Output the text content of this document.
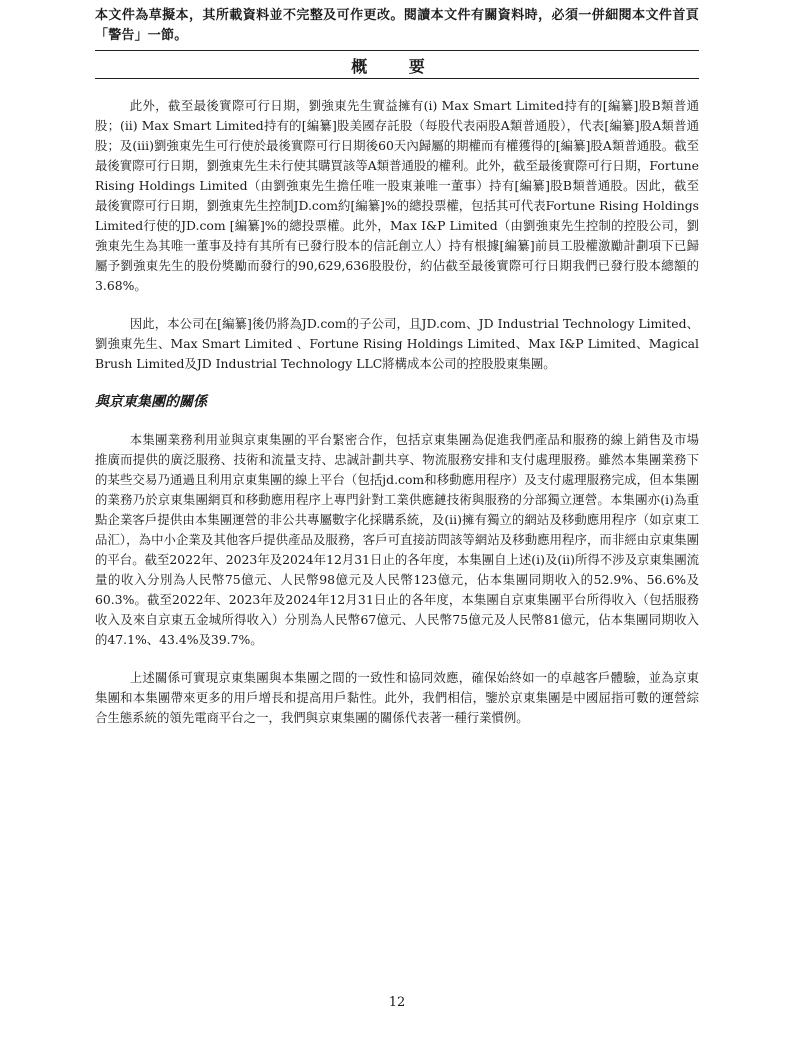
本文件為草擬本，其所載資料並不完整及可作更改。閱讀本文件有關資料時，必須一併細閱本文件首頁「警告」一節。
概 要

此外，截至最後實際可行日期，劉強東先生實益擁有(i) Max Smart Limited持有的[編纂]股B類普通股；(ii) Max Smart Limited持有的[編纂]股美國存託股（每股代表兩股A類普通股），代表[編纂]股A類普通股；及(iii)劉強東先生可行使於最後實際可行日期後60天內歸屬的期權而有權獲得的[編纂]股A類普通股。截至最後實際可行日期，劉強東先生未行使其購買該等A類普通股的權利。此外，截至最後實際可行日期，Fortune Rising Holdings Limited（由劉強東先生擔任唯一股東兼唯一董事）持有[編纂]股B類普通股。因此，截至最後實際可行日期，劉強東先生控制JD.com約[編纂]%的總投票權，包括其可代表Fortune Rising Holdings Limited行使的JD.com [編纂]%的總投票權。此外，Max I&P Limited（由劉強東先生控制的控股公司，劉強東先生為其唯一董事及持有其所有已發行股本的信託創立人）持有根據[編纂]前員工股權激勵計劃項下已歸屬予劉強東先生的股份獎勵而發行的90,629,636股股份，約佔截至最後實際可行日期我們已發行股本總額的3.68%。

因此，本公司在[編纂]後仍將為JD.com的子公司，且JD.com、JD Industrial Technology Limited、劉強東先生、Max Smart Limited 、Fortune Rising Holdings Limited、Max I&P Limited、Magical Brush Limited及JD Industrial Technology LLC將構成本公司的控股股東集團。

與京東集團的關係

本集團業務利用並與京東集團的平台緊密合作，包括京東集團為促進我們產品和服務的線上銷售及市場推廣而提供的廣泛服務、技術和流量支持、忠誠計劃共享、物流服務安排和支付處理服務。雖然本集團業務下的某些交易乃通過且利用京東集團的線上平台（包括jd.com和移動應用程序）及支付處理服務完成，但本集團的業務乃於京東集團網頁和移動應用程序上專門針對工業供應鏈技術與服務的分部獨立運營。本集團亦(i)為重點企業客戶提供由本集團運營的非公共專屬數字化採購系統，及(ii)擁有獨立的網站及移動應用程序（如京東工品汇），為中小企業及其他客戶提供產品及服務，客戶可直接訪問該等網站及移動應用程序，而非經由京東集團的平台。截至2022年、2023年及2024年12月31日止的各年度，本集團自上述(i)及(ii)所得不涉及京東集團流量的收入分別為人民幣75億元、人民幣98億元及人民幣123億元，佔本集團同期收入的52.9%、56.6%及60.3%。截至2022年、2023年及2024年12月31日止的各年度，本集團自京東集團平台所得收入（包括服務收入及來自京東五金城所得收入）分別為人民幣67億元、人民幣75億元及人民幣81億元，佔本集團同期收入的47.1%、43.4%及39.7%。

上述關係可實現京東集團與本集團之間的一致性和協同效應，確保始終如一的卓越客戶體驗，並為京東集團和本集團帶來更多的用戶增長和提高用戶黏性。此外，我們相信，鑒於京東集團是中國屈指可數的運營綜合生態系統的領先電商平台之一，我們與京東集團的關係代表著一種行業慣例。

12
